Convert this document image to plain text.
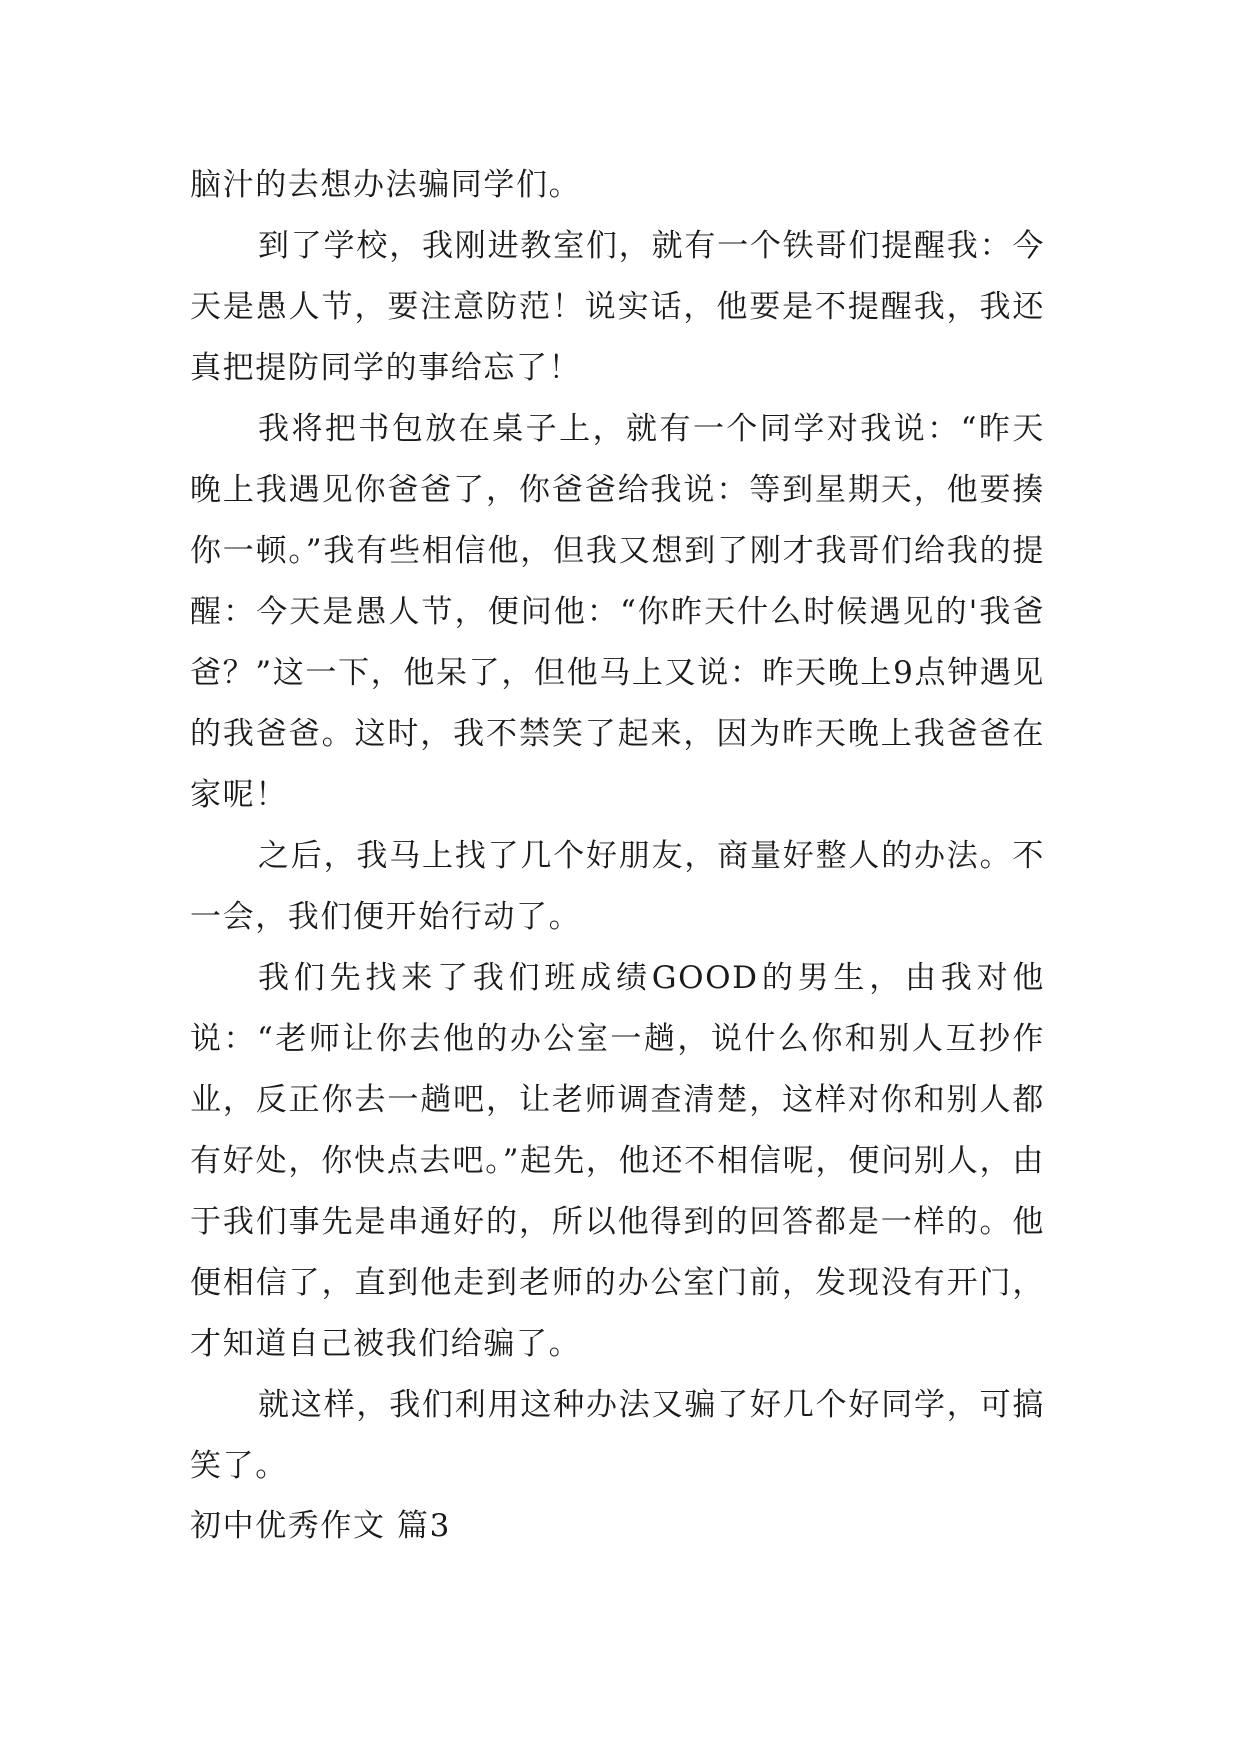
脑汁的去想办法骗同学们。

到了学校，我刚进教室们，就有一个铁哥们提醒我：今天是愚人节，要注意防范！说实话，他要是不提醒我，我还真把提防同学的事给忘了！

我将把书包放在桌子上，就有一个同学对我说：“昨天晚上我遇见你爸爸了，你爸爸给我说：等到星期天，他要揍你一顿。”我有些相信他，但我又想到了刚才我哥们给我的提醒：今天是愚人节，便问他：“你昨天什么时候遇见的'我爸爸？”这一下，他呆了，但他马上又说：昨天晚上9点钟遇见的我爸爸。这时，我不禁笑了起来，因为昨天晚上我爸爸在家呢！

之后，我马上找了几个好朋友，商量好整人的办法。不一会，我们便开始行动了。

我们先找来了我们班成绩GOOD的男生，由我对他说：“老师让你去他的办公室一趟，说什么你和别人互抄作业，反正你去一趟吧，让老师调查清楚，这样对你和别人都有好处，你快点去吧。”起先，他还不相信呢，便问别人，由于我们事先是串通好的，所以他得到的回答都是一样的。他便相信了，直到他走到老师的办公室门前，发现没有开门，才知道自己被我们给骗了。

就这样，我们利用这种办法又骗了好几个好同学，可搞笑了。

初中优秀作文 篇3
